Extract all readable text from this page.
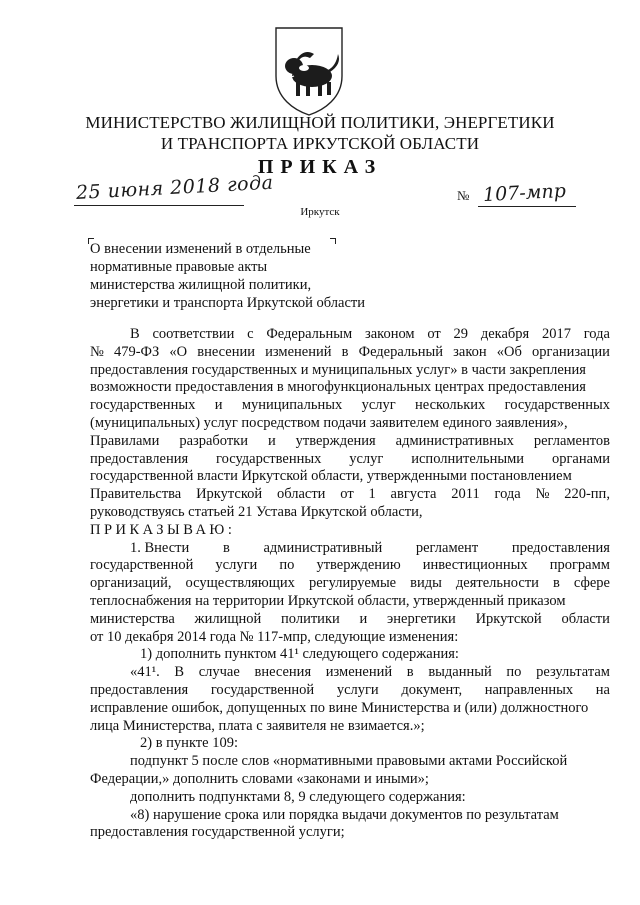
МИНИСТЕРСТВО ЖИЛИЩНОЙ ПОЛИТИКИ, ЭНЕРГЕТИКИ
И ТРАНСПОРТА ИРКУТСКОЙ ОБЛАСТИ
ПРИКАЗ
25 июня 2018 года	№ 107-мпр
Иркутск
О внесении изменений в отдельные
нормативные правовые акты
министерства жилищной политики,
энергетики и транспорта Иркутской области
В соответствии с Федеральным законом от 29 декабря 2017 года
№ 479-ФЗ «О внесении изменений в Федеральный закон «Об организации
предоставления государственных и муниципальных услуг» в части закрепления
возможности предоставления в многофункциональных центрах предоставления
государственных и муниципальных услуг нескольких государственных
(муниципальных) услуг посредством подачи заявителем единого заявления»,
Правилами разработки и утверждения административных регламентов
предоставления государственных услуг исполнительными органами
государственной власти Иркутской области, утвержденными постановлением
Правительства Иркутской области от 1 августа 2011 года № 220-пп,
руководствуясь статьей 21 Устава Иркутской области,
ПРИКАЗЫВАЮ:
1. Внести в административный регламент предоставления
государственной услуги по утверждению инвестиционных программ
организаций, осуществляющих регулируемые виды деятельности в сфере
теплоснабжения на территории Иркутской области, утвержденный приказом
министерства жилищной политики и энергетики Иркутской области
от 10 декабря 2014 года № 117-мпр, следующие изменения:
1) дополнить пунктом 41¹ следующего содержания:
«41¹. В случае внесения изменений в выданный по результатам
предоставления государственной услуги документ, направленных на
исправление ошибок, допущенных по вине Министерства и (или) должностного
лица Министерства, плата с заявителя не взимается.»;
2) в пункте 109:
подпункт 5 после слов «нормативными правовыми актами Российской
Федерации,» дополнить словами «законами и иными»;
дополнить подпунктами 8, 9 следующего содержания:
«8) нарушение срока или порядка выдачи документов по результатам
предоставления государственной услуги;
